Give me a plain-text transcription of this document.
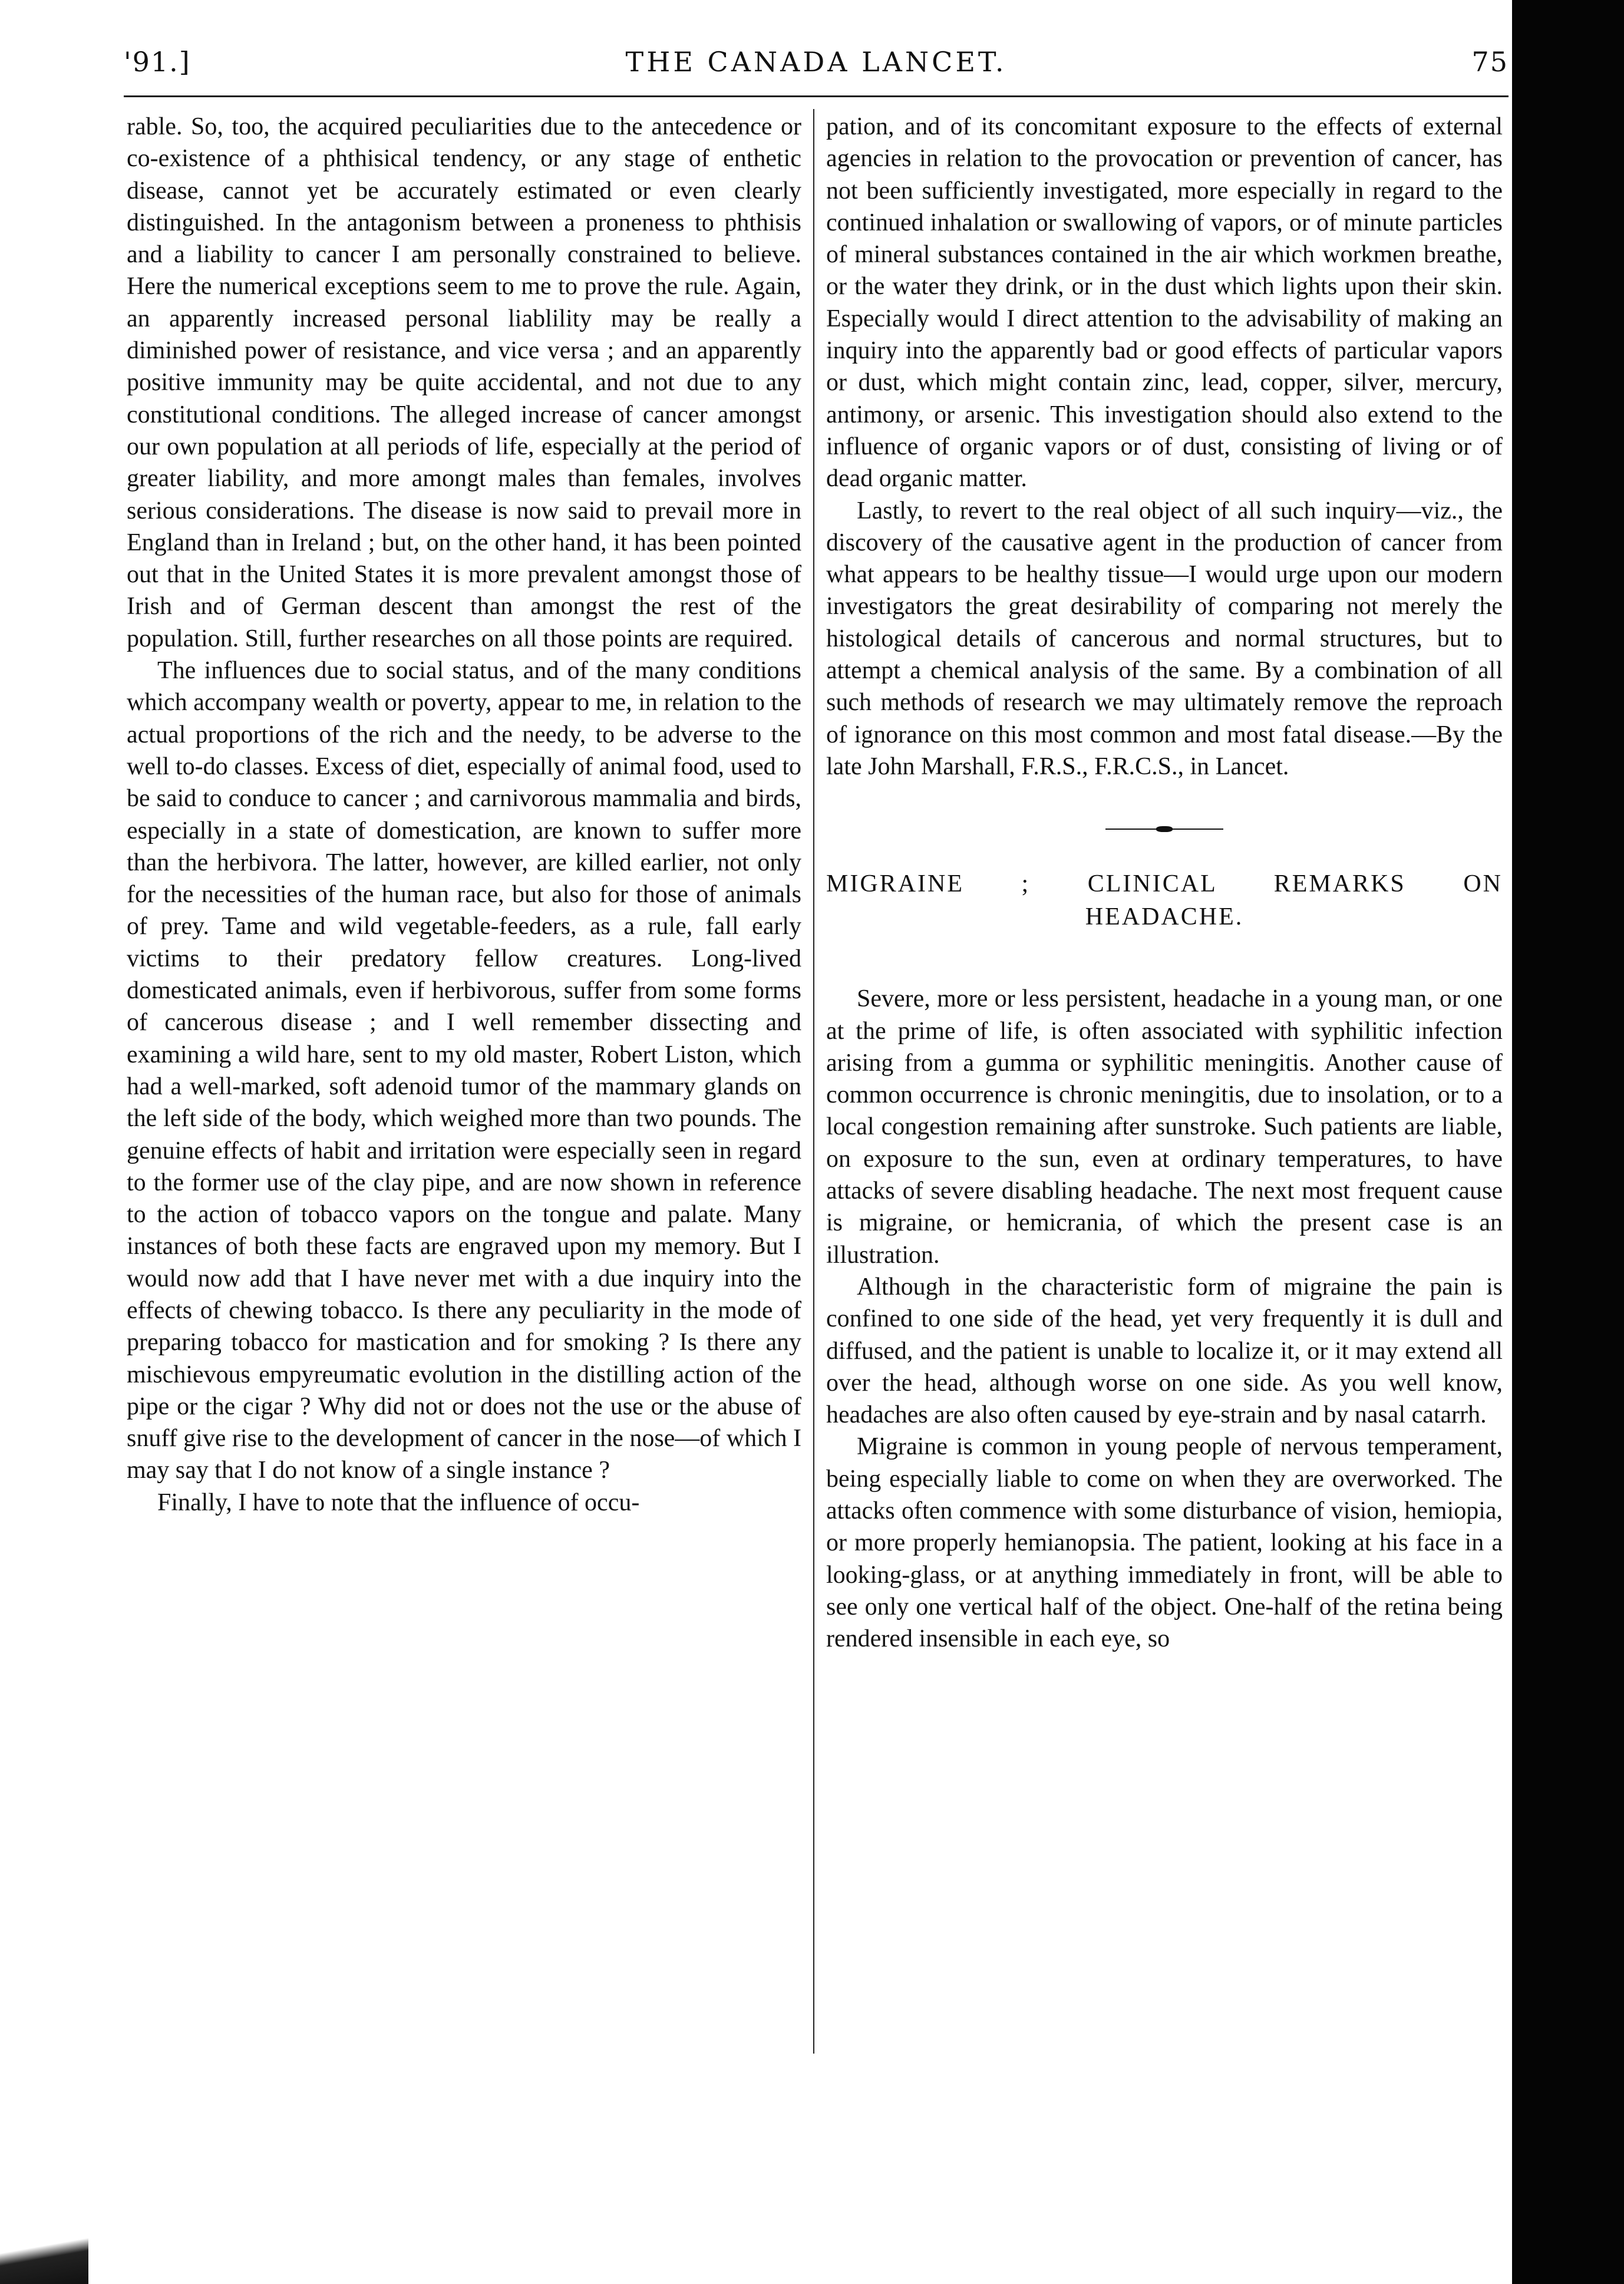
'91.]	THE CANADA LANCET.	75

rable. So, too, the acquired peculiarities due to the antecedence or co-existence of a phthisical tendency, or any stage of enthetic disease, cannot yet be accurately estimated or even clearly distinguished. In the antagonism between a proneness to phthisis and a liability to cancer I am personally constrained to believe. Here the numerical exceptions seem to me to prove the rule. Again, an apparently increased personal liablility may be really a diminished power of resistance, and vice versa ; and an apparently positive immunity may be quite accidental, and not due to any constitutional conditions. The alleged increase of cancer amongst our own population at all periods of life, especially at the period of greater liability, and more amongt males than females, involves serious considerations. The disease is now said to prevail more in England than in Ireland ; but, on the other hand, it has been pointed out that in the United States it is more prevalent amongst those of Irish and of German descent than amongst the rest of the population. Still, further researches on all those points are required.

The influences due to social status, and of the many conditions which accompany wealth or poverty, appear to me, in relation to the actual proportions of the rich and the needy, to be adverse to the well to-do classes. Excess of diet, especially of animal food, used to be said to conduce to cancer ; and carnivorous mammalia and birds, especially in a state of domestication, are known to suffer more than the herbivora. The latter, however, are killed earlier, not only for the necessities of the human race, but also for those of animals of prey. Tame and wild vegetable-feeders, as a rule, fall early victims to their predatory fellow creatures. Long-lived domesticated animals, even if herbivorous, suffer from some forms of cancerous disease ; and I well remember dissecting and examining a wild hare, sent to my old master, Robert Liston, which had a well-marked, soft adenoid tumor of the mammary glands on the left side of the body, which weighed more than two pounds. The genuine effects of habit and irritation were especially seen in regard to the former use of the clay pipe, and are now shown in reference to the action of tobacco vapors on the tongue and palate. Many instances of both these facts are engraved upon my memory. But I would now add that I have never met with a due inquiry into the effects of chewing tobacco. Is there any peculiarity in the mode of preparing tobacco for mastication and for smoking ? Is there any mischievous empyreumatic evolution in the distilling action of the pipe or the cigar ? Why did not or does not the use or the abuse of snuff give rise to the development of cancer in the nose—of which I may say that I do not know of a single instance ?

Finally, I have to note that the influence of occu-

pation, and of its concomitant exposure to the effects of external agencies in relation to the provocation or prevention of cancer, has not been sufficiently investigated, more especially in regard to the continued inhalation or swallowing of vapors, or of minute particles of mineral substances contained in the air which workmen breathe, or the water they drink, or in the dust which lights upon their skin. Especially would I direct attention to the advisability of making an inquiry into the apparently bad or good effects of particular vapors or dust, which might contain zinc, lead, copper, silver, mercury, antimony, or arsenic. This investigation should also extend to the influence of organic vapors or of dust, consisting of living or of dead organic matter.

Lastly, to revert to the real object of all such inquiry—viz., the discovery of the causative agent in the production of cancer from what appears to be healthy tissue—I would urge upon our modern investigators the great desirability of comparing not merely the histological details of cancerous and normal structures, but to attempt a chemical analysis of the same. By a combination of all such methods of research we may ultimately remove the reproach of ignorance on this most common and most fatal disease.—By the late John Marshall, F.R.S., F.R.C.S., in Lancet.

MIGRAINE ; CLINICAL REMARKS ON
HEADACHE.

Severe, more or less persistent, headache in a young man, or one at the prime of life, is often associated with syphilitic infection arising from a gumma or syphilitic meningitis. Another cause of common occurrence is chronic meningitis, due to insolation, or to a local congestion remaining after sunstroke. Such patients are liable, on exposure to the sun, even at ordinary temperatures, to have attacks of severe disabling headache. The next most frequent cause is migraine, or hemicrania, of which the present case is an illustration.

Although in the characteristic form of migraine the pain is confined to one side of the head, yet very frequently it is dull and diffused, and the patient is unable to localize it, or it may extend all over the head, although worse on one side. As you well know, headaches are also often caused by eye-strain and by nasal catarrh.

Migraine is common in young people of nervous temperament, being especially liable to come on when they are overworked. The attacks often commence with some disturbance of vision, hemiopia, or more properly hemianopsia. The patient, looking at his face in a looking-glass, or at anything immediately in front, will be able to see only one vertical half of the object. One-half of the retina being rendered insensible in each eye, so
